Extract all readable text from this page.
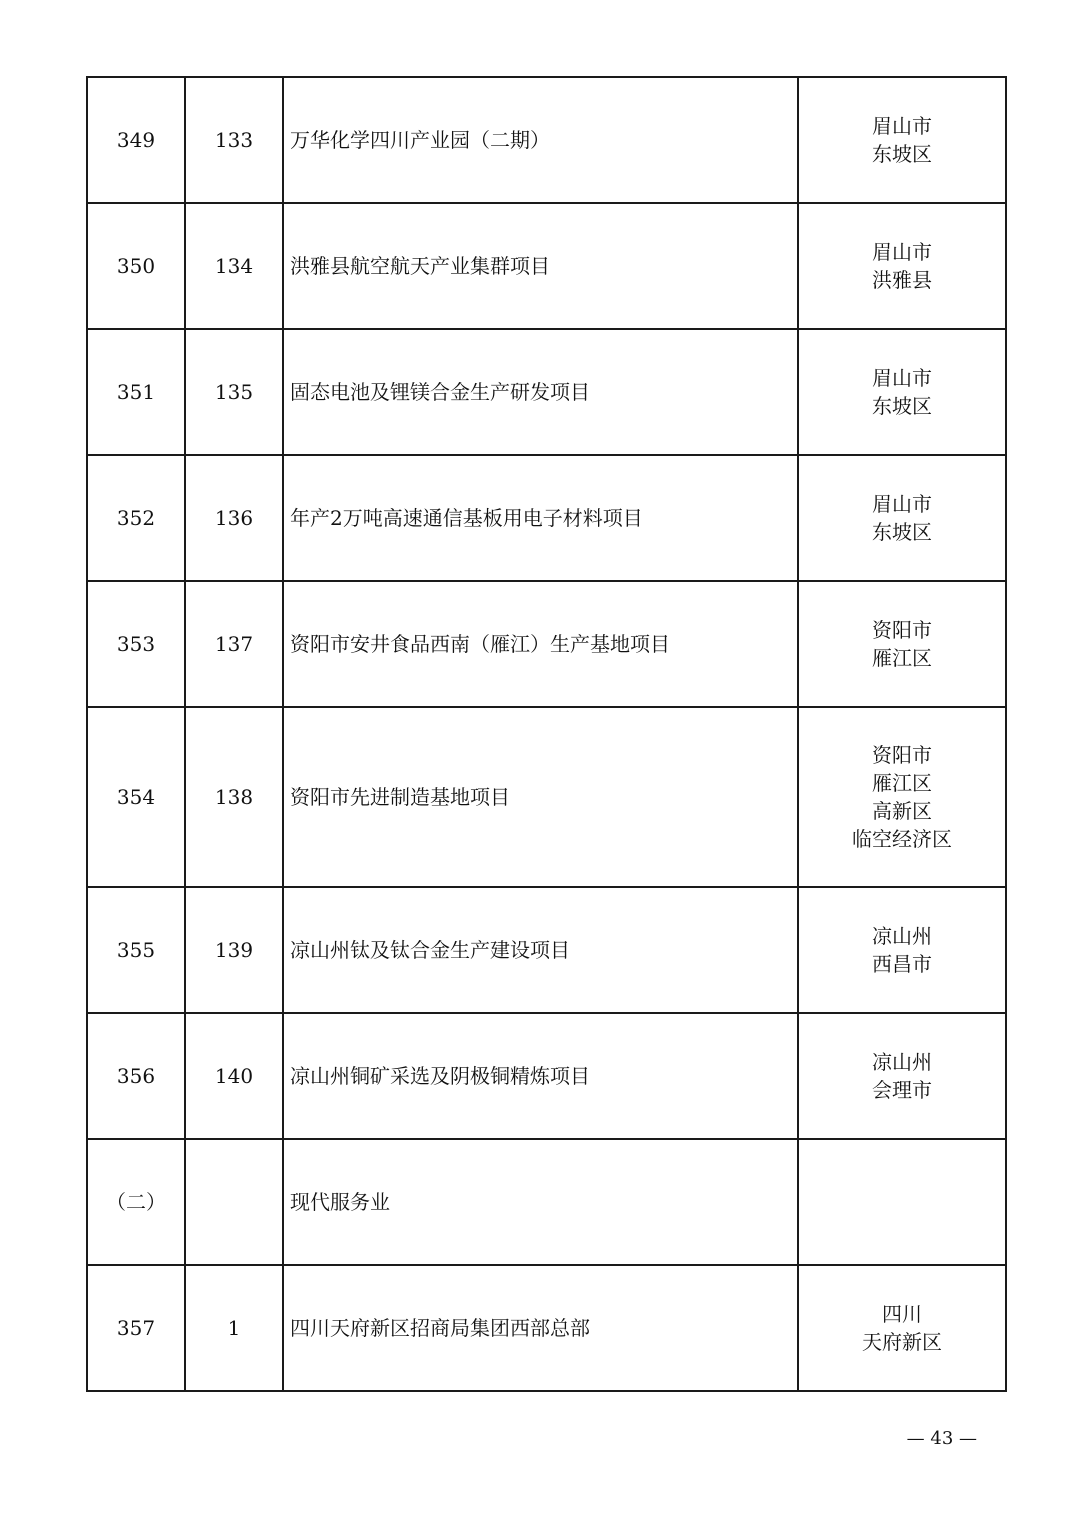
349	133	万华化学四川产业园（二期）	眉山市
东坡区

350	134	洪雅县航空航天产业集群项目	眉山市
洪雅县

351	135	固态电池及锂镁合金生产研发项目	眉山市
东坡区

352	136	年产2万吨高速通信基板用电子材料项目	眉山市
东坡区

353	137	资阳市安井食品西南（雁江）生产基地项目	资阳市
雁江区

354	138	资阳市先进制造基地项目	资阳市
雁江区
高新区
临空经济区

355	139	凉山州钛及钛合金生产建设项目	凉山州
西昌市

356	140	凉山州铜矿采选及阴极铜精炼项目	凉山州
会理市

（二）		现代服务业	
357	1	四川天府新区招商局集团西部总部	四川
天府新区
— 43 —
